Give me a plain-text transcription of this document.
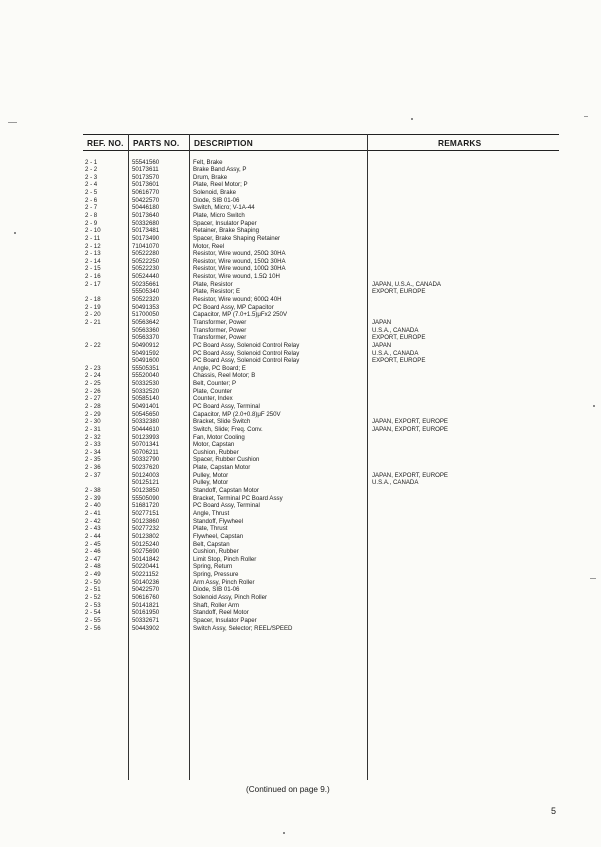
REF. NO. PARTS NO. DESCRIPTION	REMARKS
2 - 1	55541560	Felt, Brake
2 - 2	50173611	Brake Band Assy, P
2 - 3	50173570	Drum, Brake
2 - 4	50173601	Plate, Reel Motor; P
2 - 5	50616770	Solenoid, Brake
2 - 6	50422570	Diode, SIB 01-06
2 - 7	50446180	Switch, Micro; V-1A-44
2 - 8	50173640	Plate, Micro Switch
2 - 9	50332680	Spacer, Insulator Paper
2 - 10	50173481	Retainer, Brake Shaping
2 - 11	50173490	Spacer, Brake Shaping Retainer
2 - 12	71041070	Motor, Reel
2 - 13	50522280	Resistor, Wire wound, 250Ω 30HA
2 - 14	50522250	Resistor, Wire wound, 150Ω 30HA
2 - 15	50522230	Resistor, Wire wound, 100Ω 30HA
2 - 16	50524440	Resistor, Wire wound, 1.5Ω 10H
2 - 17	50235661	Plate, Resistor	JAPAN, U.S.A., CANADA
55505340	Plate, Resistor; E	EXPORT, EUROPE
2 - 18	50522320	Resistor, Wire wound; 600Ω 40H
2 - 19	50491353	PC Board Assy, MP Capacitor
2 - 20	51700050	Capacitor, MP (7.0+1.5)μFx2 250V
2 - 21	50563642	Transformer, Power	JAPAN
50563360	Transformer, Power	U.S.A., CANADA
50563370	Transformer, Power	EXPORT, EUROPE
2 - 22	50490912	PC Board Assy, Solenoid Control Relay	JAPAN
50491592	PC Board Assy, Solenoid Control Relay	U.S.A., CANADA
50491600	PC Board Assy, Solenoid Control Relay	EXPORT, EUROPE
2 - 23	55505351	Angle, PC Board; E
2 - 24	55520040	Chassis, Reel Motor; B
2 - 25	50332530	Belt, Counter; P
2 - 26	50332520	Plate, Counter
2 - 27	50585140	Counter, Index
2 - 28	50491401	PC Board Assy, Terminal
2 - 29	50545650	Capacitor, MP (2.0+0.8)μF 250V
2 - 30	50332380	Bracket, Slide Switch	JAPAN, EXPORT, EUROPE
2 - 31	50444610	Switch, Slide; Freq. Conv.	JAPAN, EXPORT, EUROPE
2 - 32	50123993	Fan, Motor Cooling
2 - 33	50701341	Motor, Capstan
2 - 34	50706211	Cushion, Rubber
2 - 35	50332790	Spacer, Rubber Cushion
2 - 36	50237620	Plate, Capstan Motor
2 - 37	50124003	Pulley, Motor	JAPAN, EXPORT, EUROPE
50125121	Pulley, Motor	U.S.A., CANADA
2 - 38	50123850	Standoff, Capstan Motor
2 - 39	55505090	Bracket, Terminal PC Board Assy
2 - 40	51681720	PC Board Assy, Terminal
2 - 41	50277151	Angle, Thrust
2 - 42	50123860	Standoff, Flywheel
2 - 43	50277232	Plate, Thrust
2 - 44	50123802	Flywheel, Capstan
2 - 45	50125240	Belt, Capstan
2 - 46	50275690	Cushion, Rubber
2 - 47	50141842	Limit Stop, Pinch Roller
2 - 48	50220441	Spring, Return
2 - 49	50221152	Spring, Pressure
2 - 50	50140236	Arm Assy, Pinch Roller
2 - 51	50422570	Diode, SIB 01-06
2 - 52	50616760	Solenoid Assy, Pinch Roller
2 - 53	50141821	Shaft, Roller Arm
2 - 54	50161950	Standoff, Reel Motor
2 - 55	50332671	Spacer, Insulator Paper
2 - 56	50443902	Switch Assy, Selector; REEL/SPEED
(Continued on page 9.)
5
